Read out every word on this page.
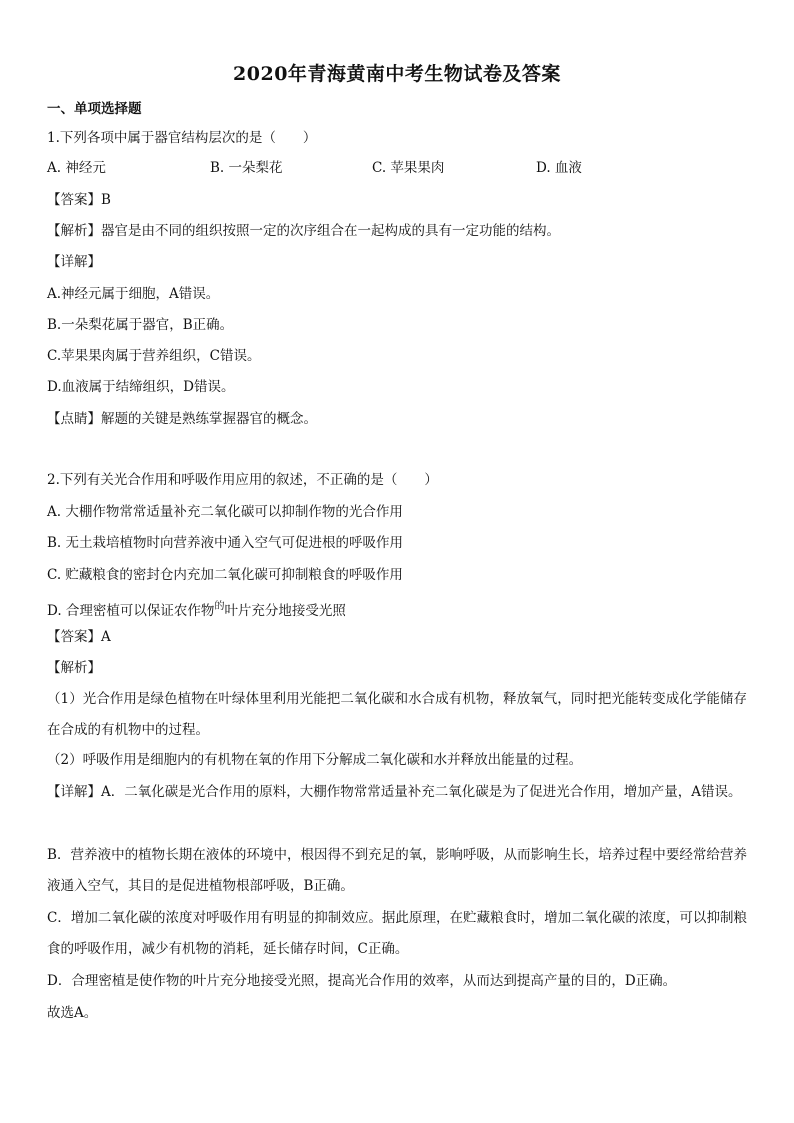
2020年青海黄南中考生物试卷及答案
一、单项选择题
1.下列各项中属于器官结构层次的是（　　）
A. 神经元	B. 一朵梨花	C. 苹果果肉	D. 血液
【答案】B
【解析】器官是由不同的组织按照一定的次序组合在一起构成的具有一定功能的结构。
【详解】
A.神经元属于细胞，A错误。
B.一朵梨花属于器官，B正确。
C.苹果果肉属于营养组织，C错误。
D.血液属于结缔组织，D错误。
【点睛】解题的关键是熟练掌握器官的概念。
2.下列有关光合作用和呼吸作用应用的叙述，不正确的是（　　）
A. 大棚作物常常适量补充二氧化碳可以抑制作物的光合作用
B. 无土栽培植物时向营养液中通入空气可促进根的呼吸作用
C. 贮藏粮食的密封仓内充加二氧化碳可抑制粮食的呼吸作用
D. 合理密植可以保证农作物$^的$叶片充分地接受光照
【答案】A
【解析】
（1）光合作用是绿色植物在叶绿体里利用光能把二氧化碳和水合成有机物，释放氧气，同时把光能转变成化学能储存在合成的有机物中的过程。
（2）呼吸作用是细胞内的有机物在氧的作用下分解成二氧化碳和水并释放出能量的过程。
【详解】A．二氧化碳是光合作用的原料，大棚作物常常适量补充二氧化碳是为了促进光合作用，增加产量，A错误。
B．营养液中的植物长期在液体的环境中，根因得不到充足的氧，影响呼吸，从而影响生长，培养过程中要经常给营养液通入空气，其目的是促进植物根部呼吸，B正确。
C．增加二氧化碳的浓度对呼吸作用有明显的抑制效应。据此原理，在贮藏粮食时，增加二氧化碳的浓度，可以抑制粮食的呼吸作用，减少有机物的消耗，延长储存时间，C正确。
D．合理密植是使作物的叶片充分地接受光照，提高光合作用的效率，从而达到提高产量的目的，D正确。
故选A。
